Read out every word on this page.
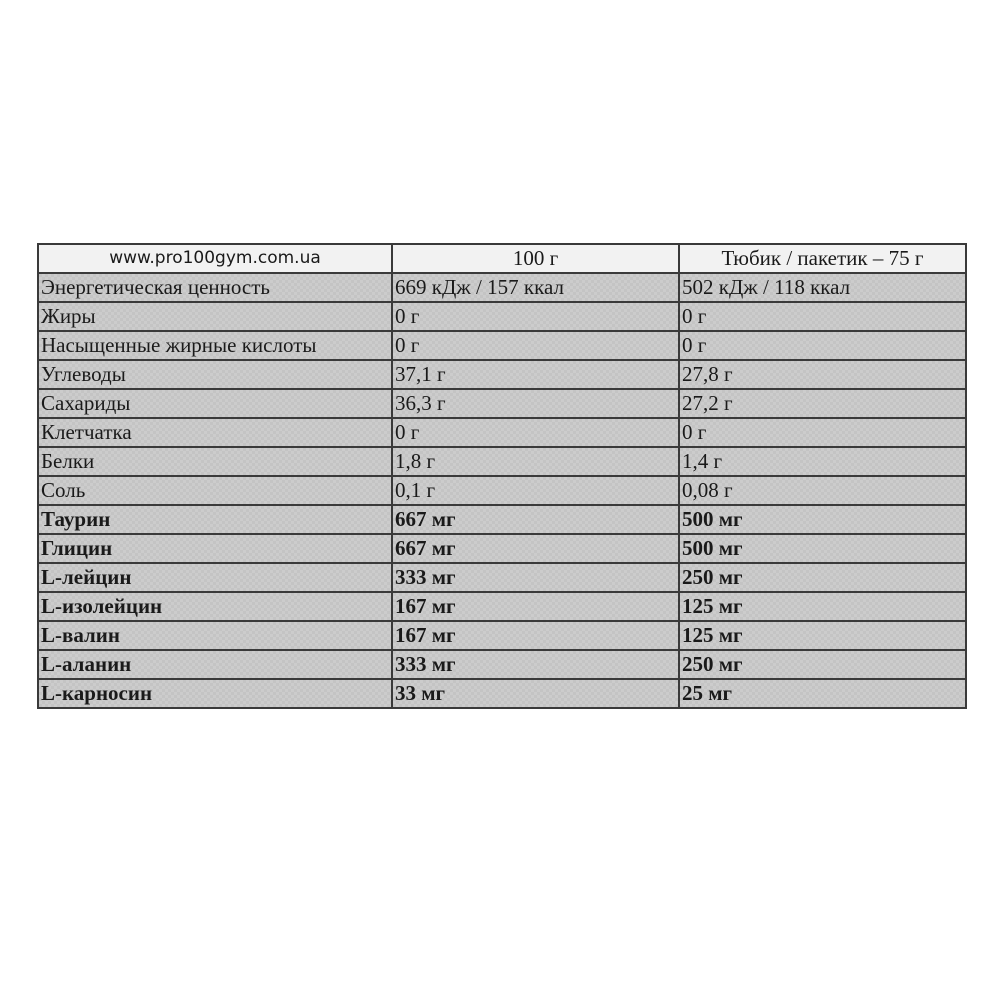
www.pro100gym.com.ua	100 г	Тюбик / пакетик – 75 г
Энергетическая ценность	669 кДж / 157 ккал	502 кДж / 118 ккал
Жиры	0 г	0 г
Насыщенные жирные кислоты	0 г	0 г
Углеводы	37,1 г	27,8 г
Сахариды	36,3 г	27,2 г
Клетчатка	0 г	0 г
Белки	1,8 г	1,4 г
Соль	0,1 г	0,08 г
Таурин	667 мг	500 мг
Глицин	667 мг	500 мг
L-лейцин	333 мг	250 мг
L-изолейцин	167 мг	125 мг
L-валин	167 мг	125 мг
L-аланин	333 мг	250 мг
L-карносин	33 мг	25 мг
